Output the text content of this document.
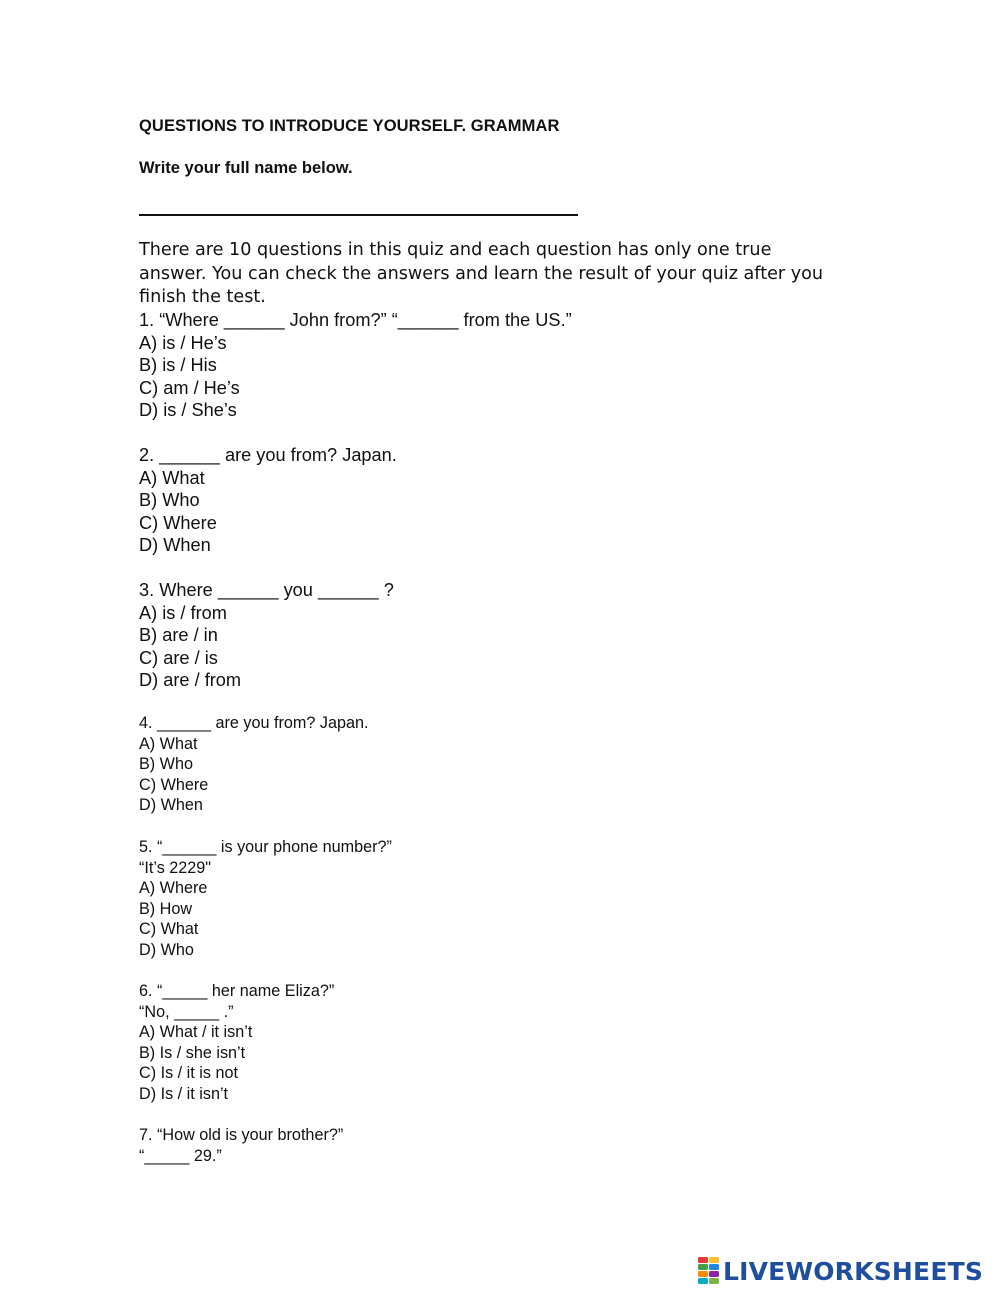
QUESTIONS TO INTRODUCE YOURSELF. GRAMMAR

Write your full name below.

There are 10 questions in this quiz and each question has only one true answer. You can check the answers and learn the result of your quiz after you finish the test.

1. “Where ______ John from?” “______ from the US.”
A) is / He’s
B) is / His
C) am / He’s
D) is / She’s
2. ______ are you from? Japan.
A) What
B) Who
C) Where
D) When
3. Where ______ you ______ ?
A) is / from
B) are / in
C) are / is
D) are / from
4. ______ are you from? Japan.
A) What
B) Who
C) Where
D) When
5. “______ is your phone number?”
“It’s 2229"
A) Where
B) How
C) What
D) Who
6. “_____ her name Eliza?”
“No, _____ .”
A) What / it isn’t
B) Is / she isn’t
C) Is / it is not
D) Is / it isn’t
7. “How old is your brother?”
“_____ 29.”
LIVEWORKSHEETS
